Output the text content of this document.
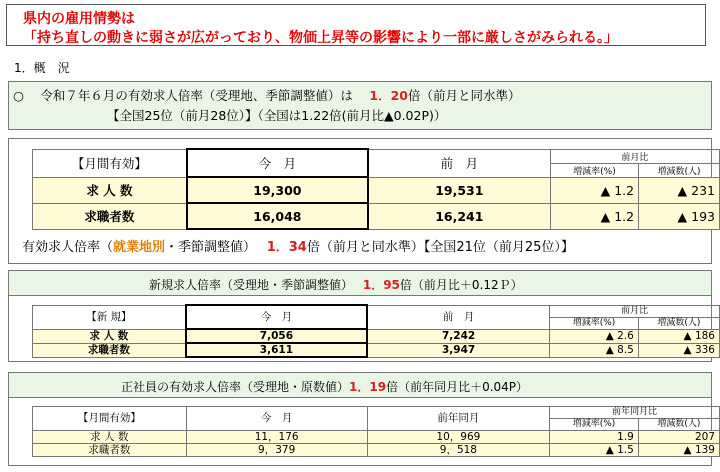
県内の雇用情勢は
「持ち直しの動きに弱さが広がっており、物価上昇等の影響により一部に厳しさがみられる。」
1．概　況
○　 令和７年６月の有効求人倍率（受理地、季節調整値）は　 1．20倍（前月と同水準）
【全国25位（前月28位）】（全国は1.22倍(前月比▲0.02P)）
【月間有効】	今　月	前　月	前月比	
			増減率(%)	増減数(人)
求 人 数	19,300	19,531	▲ 1.2	▲ 231
求職者数	16,048	16,241	▲ 1.2	▲ 193
有効求人倍率（就業地別・季節調整値）　 1．34倍（前月と同水準）【全国21位（前月25位）】
新規求人倍率（受理地・季節調整値）　 1．95倍（前月比＋0.12Ｐ）
【新 規】	今　月	前　月	前月比	
			増減率(%)	増減数(人)
求 人 数	7,056	7,242	▲ 2.6	▲ 186
求職者数	3,611	3,947	▲ 8.5	▲ 336
正社員の有効求人倍率（受理地・原数値）1．19倍（前年同月比＋0.04P）
【月間有効】	今　月	前年同月	前年同月比	
			増減率(%)	増減数(人)
求 人 数	11，176	10，969	1.9	207
求職者数	9，379	9，518	▲ 1.5	▲ 139
